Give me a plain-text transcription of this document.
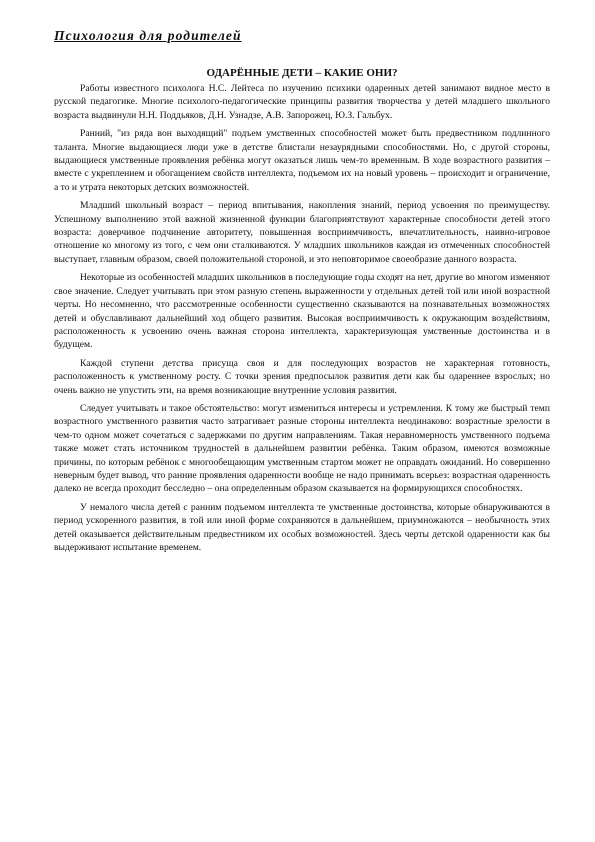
Психология для родителей
ОДАРЁННЫЕ ДЕТИ – КАКИЕ ОНИ?

Работы известного психолога Н.С. Лейтеса по изучению психики одаренных детей занимают видное место в русской педагогике. Многие психолого-педагогические принципы развития творчества у детей младшего школьного возраста выдвинули Н.Н. Поддьяков, Д.Н. Узнадзе, А.В. Запорожец, Ю.З. Гальбух.

Ранний, "из ряда вон выходящий" подъем умственных способностей может быть предвестником подлинного таланта. Многие выдающиеся люди уже в детстве блистали незаурядными способностями. Но, с другой стороны, выдающиеся умственные проявления ребёнка могут оказаться лишь чем-то временным. В ходе возрастного развития – вместе с укреплением и обогащением свойств интеллекта, подъемом их на новый уровень – происходит и ограничение, а то и утрата некоторых детских возможностей.

Младший школьный возраст – период впитывания, накопления знаний, период усвоения по преимуществу. Успешному выполнению этой важной жизненной функции благоприятствуют характерные способности детей этого возраста: доверчивое подчинение авторитету, повышенная восприимчивость, впечатлительность, наивно-игровое отношение ко многому из того, с чем они сталкиваются. У младших школьников каждая из отмеченных способностей выступает, главным образом, своей положительной стороной, и это неповторимое своеобразие данного возраста.

Некоторые из особенностей младших школьников в последующие годы сходят на нет, другие во многом изменяют свое значение. Следует учитывать при этом разную степень выраженности у отдельных детей той или иной возрастной черты. Но несомненно, что рассмотренные особенности существенно сказываются на познавательных возможностях детей и обуславливают дальнейший ход общего развития. Высокая восприимчивость к окружающим воздействиям, расположенность к усвоению очень важная сторона интеллекта, характеризующая умственные достоинства и в будущем.

Каждой ступени детства присуща своя и для последующих возрастов не характерная готовность, расположенность к умственному росту. С точки зрения предпосылок развития дети как бы одареннее взрослых; но очень важно не упустить эти, на время возникающие внутренние условия развития.

Следует учитывать и такое обстоятельство: могут измениться интересы и устремления. К тому же быстрый темп возрастного умственного развития часто затрагивает разные стороны интеллекта неодинаково: возрастные зрелости в чем-то одном может сочетаться с задержками по другим направлениям. Такая неравномерность умственного подъема также может стать источником трудностей в дальнейшем развитии ребёнка. Таким образом, имеются возможные причины, по которым ребёнок с многообещающим умственным стартом может не оправдать ожиданий. Но совершенно неверным будет вывод, что ранние проявления одаренности вообще не надо принимать всерьез: возрастная одаренность далеко не всегда проходит бесследно – она определенным образом сказывается на формирующихся способностях.

У немалого числа детей с ранним подъемом интеллекта те умственные достоинства, которые обнаруживаются в период ускоренного развития, в той или иной форме сохраняются в дальнейшем, приумножаются – необычность этих детей оказывается действительным предвестником их особых возможностей. Здесь черты детской одаренности как бы выдерживают испытание временем.
